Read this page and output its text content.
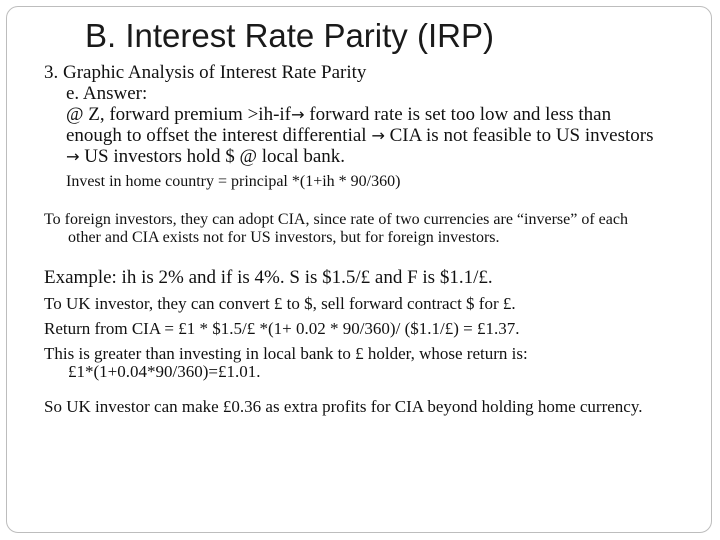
B. Interest Rate Parity (IRP)

3. Graphic Analysis of Interest Rate Parity

e. Answer:

@ Z, forward premium >ih-if→ forward rate is set too low and less than

enough to offset the interest differential → CIA is not feasible to US investors

→ US investors hold $ @ local bank.

Invest in home country = principal *(1+ih * 90/360)

To foreign investors, they can adopt CIA, since rate of two currencies are “inverse” of each

other and CIA exists not for US investors, but for foreign investors.

Example: ih is 2% and if is 4%. S is $1.5/£ and F is $1.1/£.

To UK investor, they can convert £ to $, sell forward contract $ for £.

Return from CIA = £1 * $1.5/£ *(1+ 0.02 * 90/360)/ ($1.1/£) = £1.37.

This is greater than investing in local bank to £ holder, whose return is:

£1*(1+0.04*90/360)=£1.01.

So UK investor can make £0.36 as extra profits for CIA beyond holding home currency.
